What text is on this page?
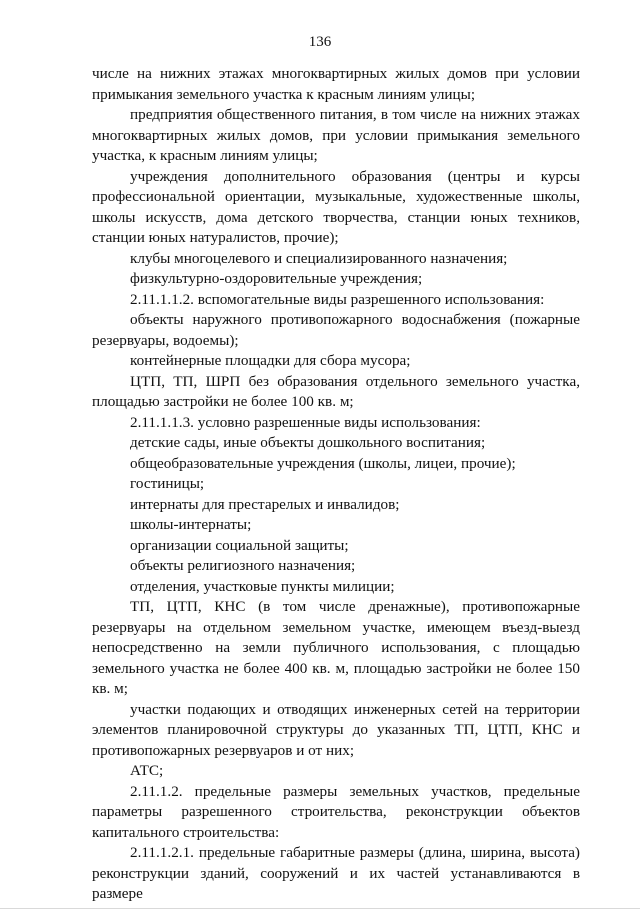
136

числе на нижних этажах многоквартирных жилых домов при условии примыкания земельного участка к красным линиям улицы;

предприятия общественного питания, в том числе на нижних этажах многоквартирных жилых домов, при условии примыкания земельного участка, к красным линиям улицы;

учреждения дополнительного образования (центры и курсы профессиональной ориентации, музыкальные, художественные школы, школы искусств, дома детского творчества, станции юных техников, станции юных натуралистов, прочие);

клубы многоцелевого и специализированного назначения;

физкультурно-оздоровительные учреждения;

2.11.1.1.2. вспомогательные виды разрешенного использования:

объекты наружного противопожарного водоснабжения (пожарные резервуары, водоемы);

контейнерные площадки для сбора мусора;

ЦТП, ТП, ШРП без образования отдельного земельного участка, площадью застройки не более 100 кв. м;

2.11.1.1.3. условно разрешенные виды использования:

детские сады, иные объекты дошкольного воспитания;

общеобразовательные учреждения (школы, лицеи, прочие);

гостиницы;

интернаты для престарелых и инвалидов;

школы-интернаты;

организации социальной защиты;

объекты религиозного назначения;

отделения, участковые пункты милиции;

ТП, ЦТП, КНС (в том числе дренажные), противопожарные резервуары на отдельном земельном участке, имеющем въезд-выезд непосредственно на земли публичного использования, с площадью земельного участка не более 400 кв. м, площадью застройки не более 150 кв. м;

участки подающих и отводящих инженерных сетей на территории элементов планировочной структуры до указанных ТП, ЦТП, КНС и противопожарных резервуаров и от них;

АТС;

2.11.1.2. предельные размеры земельных участков, предельные параметры разрешенного строительства, реконструкции объектов капитального строительства:

2.11.1.2.1. предельные габаритные размеры (длина, ширина, высота) реконструкции зданий, сооружений и их частей устанавливаются в размере
